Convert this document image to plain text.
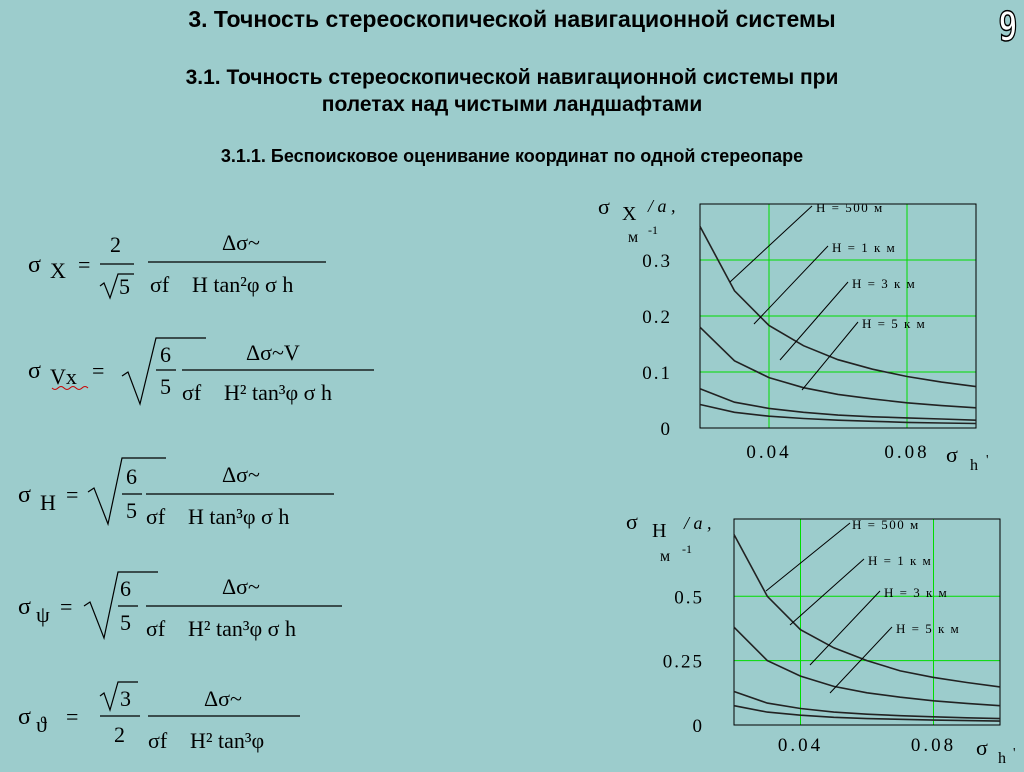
3. Точность стереоскопической навигационной системы
3.1. Точность стереоскопической навигационной системы при
полетах над чистыми ландшафтами
3.1.1. Беспоисковое оценивание координат по одной стереопаре
9
σ X =
2
5
Δσ~
σf H tan²φ σ h
σ Vx =
6
5
Δσ~V
σf H² tan³φ σ h
σ H =
6
5
Δσ~
σf H tan³φ σ h
σ ψ =
6
5
Δσ~
σf H² tan³φ σ h
σ ϑ =
3
2
Δσ~
σf H² tan³φ
σ X / a ,
м -1
σ h '
0.04	0.08
0
0.1
0.2
0.3
H = 500 м
H = 1 к м
H = 3 к м
H = 5 к м
σ H / a ,
м -1
σ h '
0.04	0.08
0
0.25
0.5
H = 500 м
H = 1 к м
H = 3 к м
H = 5 к м
